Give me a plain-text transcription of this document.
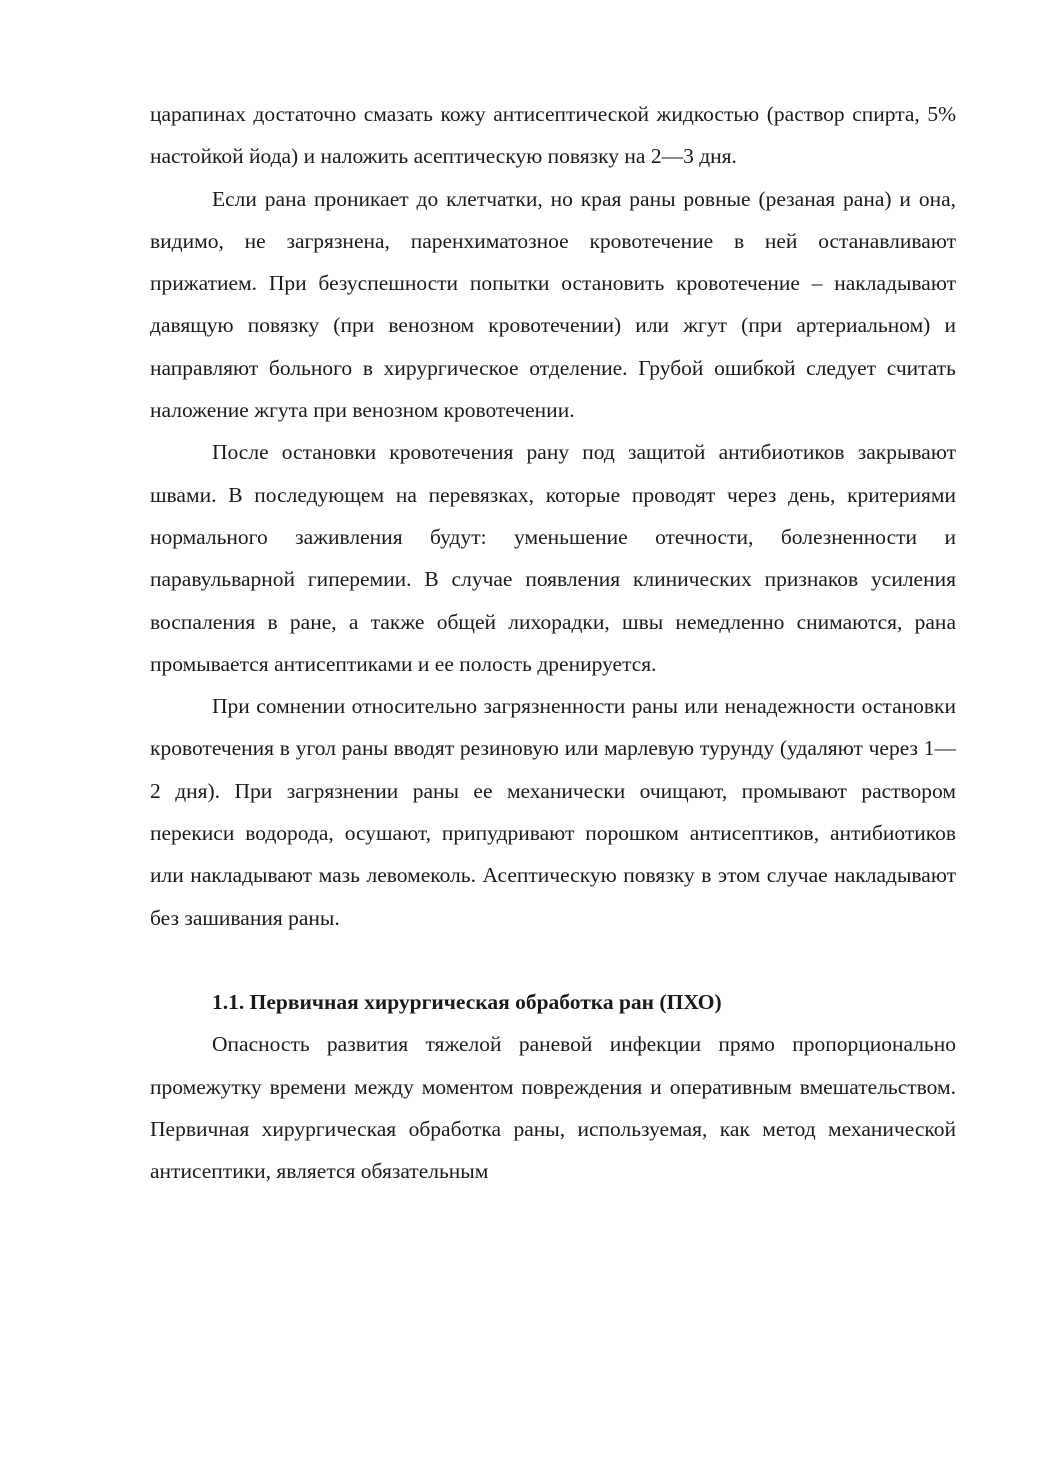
царапинах достаточно смазать кожу антисептической жидкостью (раствор спирта, 5% настойкой йода) и наложить асептическую повязку на 2—3 дня.

Если рана проникает до клетчатки, но края раны ровные (резаная рана) и она, видимо, не загрязнена, паренхиматозное кровотечение в ней останавливают прижатием. При безуспешности попытки остановить кровотечение – накладывают давящую повязку (при венозном кровотечении) или жгут (при артериальном) и направляют больного в хирургическое отделение. Грубой ошибкой следует считать наложение жгута при венозном кровотечении.

После остановки кровотечения рану под защитой антибиотиков закрывают швами. В последующем на перевязках, которые проводят через день, критериями нормального заживления будут: уменьшение отечности, болезненности и паравульварной гиперемии. В случае появления клинических признаков усиления воспаления в ране, а также общей лихорадки, швы немедленно снимаются, рана промывается антисептиками и ее полость дренируется.

При сомнении относительно загрязненности раны или ненадежности остановки кровотечения в угол раны вводят резиновую или марлевую турунду (удаляют через 1—2 дня). При загрязнении раны ее механически очищают, промывают раствором перекиси водорода, осушают, припудривают порошком антисептиков, антибиотиков или накладывают мазь левомеколь. Асептическую повязку в этом случае накладывают без зашивания раны.

1.1. Первичная хирургическая обработка ран (ПХО)

Опасность развития тяжелой раневой инфекции прямо пропорционально промежутку времени между моментом повреждения и оперативным вмешательством. Первичная хирургическая обработка раны, используемая, как метод механической антисептики, является обязательным
